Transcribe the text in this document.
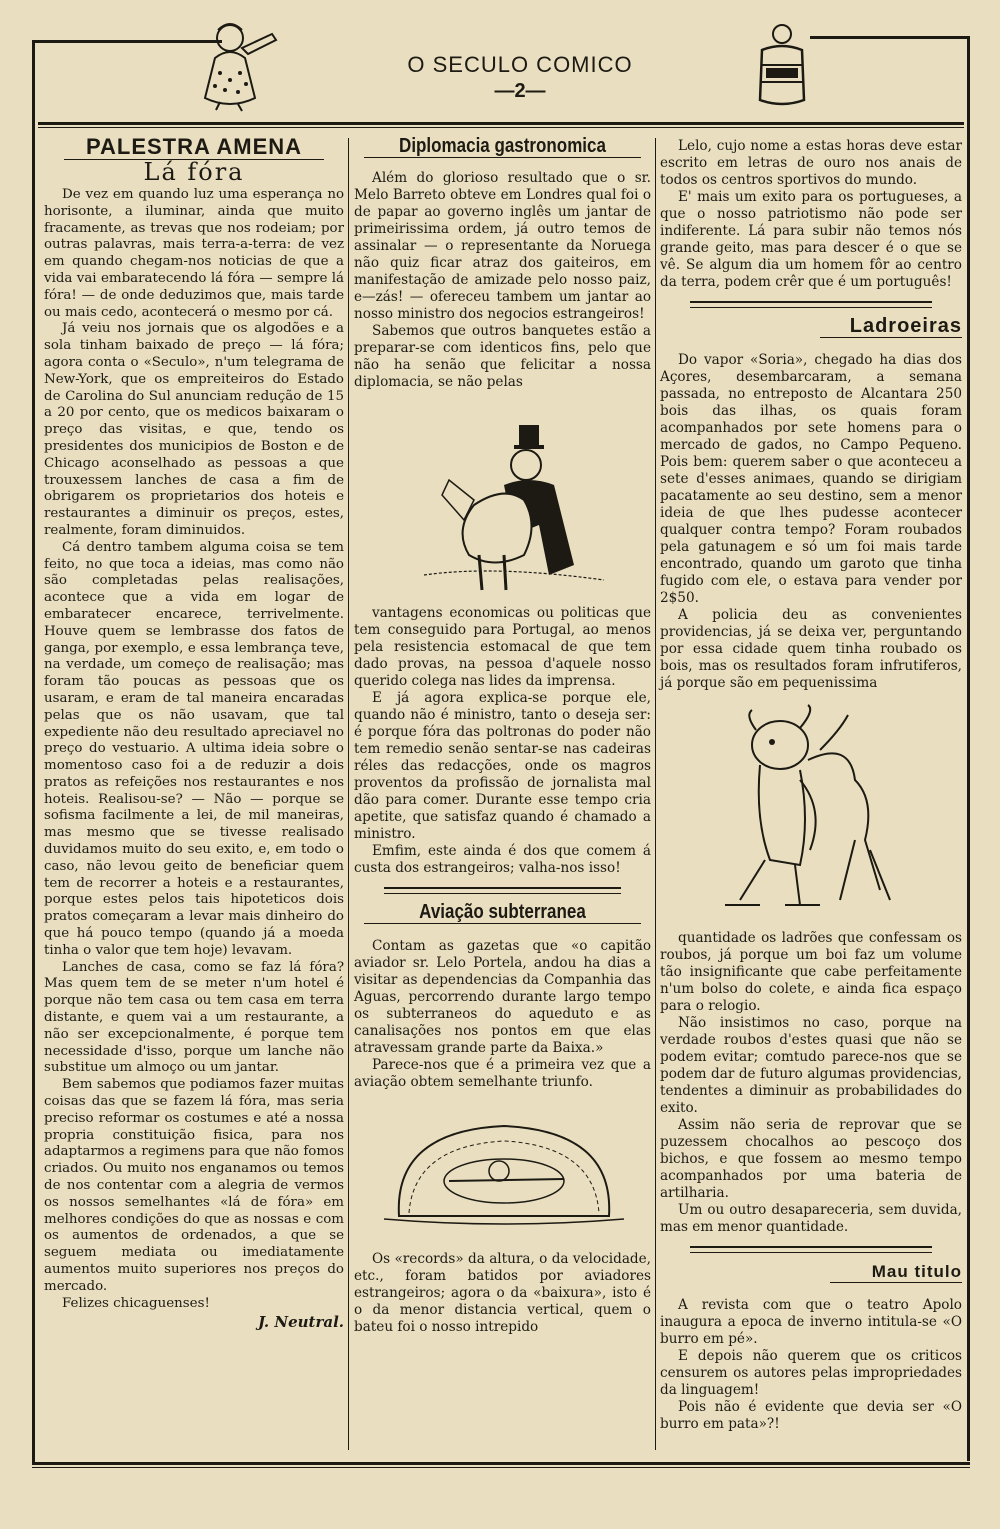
O SECULO COMICO
—2—
PALESTRA AMENA
Lá fóra

De vez em quando luz uma esperança no horisonte, a iluminar, ainda que muito fracamente, as trevas que nos rodeiam; por outras palavras, mais terra-a-terra: de vez em quando chegam-nos noticias de que a vida vai embaratecendo lá fóra — sempre lá fóra! — de onde deduzimos que, mais tarde ou mais cedo, acontecerá o mesmo por cá.

Já veiu nos jornais que os algodões e a sola tinham baixado de preço — lá fóra; agora conta o «Seculo», n'um telegrama de New-York, que os empreiteiros do Estado de Carolina do Sul anunciam redução de 15 a 20 por cento, que os medicos baixaram o preço das visitas, e que, tendo os presidentes dos municipios de Boston e de Chicago aconselhado as pessoas a que trouxessem lanches de casa a fim de obrigarem os proprietarios dos hoteis e restaurantes a diminuir os preços, estes, realmente, foram diminuidos.

Cá dentro tambem alguma coisa se tem feito, no que toca a ideias, mas como não são completadas pelas realisações, acontece que a vida em logar de embaratecer encarece, terrivelmente. Houve quem se lembrasse dos fatos de ganga, por exemplo, e essa lembrança teve, na verdade, um começo de realisação; mas foram tão poucas as pessoas que os usaram, e eram de tal maneira encaradas pelas que os não usavam, que tal expediente não deu resultado apreciavel no preço do vestuario. A ultima ideia sobre o momentoso caso foi a de reduzir a dois pratos as refeições nos restaurantes e nos hoteis. Realisou-se? — Não — porque se sofisma facilmente a lei, de mil maneiras, mas mesmo que se tivesse realisado duvidamos muito do seu exito, e, em todo o caso, não levou geito de beneficiar quem tem de recorrer a hoteis e a restaurantes, porque estes pelos tais hipoteticos dois pratos começaram a levar mais dinheiro do que há pouco tempo (quando já a moeda tinha o valor que tem hoje) levavam.

Lanches de casa, como se faz lá fóra? Mas quem tem de se meter n'um hotel é porque não tem casa ou tem casa em terra distante, e quem vai a um restaurante, a não ser excepcionalmente, é porque tem necessidade d'isso, porque um lanche não substitue um almoço ou um jantar.

Bem sabemos que podiamos fazer muitas coisas das que se fazem lá fóra, mas seria preciso reformar os costumes e até a nossa propria constituição fisica, para nos adaptarmos a regimens para que não fomos criados. Ou muito nos enganamos ou temos de nos contentar com a alegria de vermos os nossos semelhantes «lá de fóra» em melhores condições do que as nossas e com os aumentos de ordenados, a que se seguem mediata ou imediatamente aumentos muito superiores nos preços do mercado.

Felizes chicaguenses!

J. Neutral.
Diplomacia gastronomica

Além do glorioso resultado que o sr. Melo Barreto obteve em Londres qual foi o de papar ao governo inglês um jantar de primeirissima ordem, já outro temos de assinalar — o representante da Noruega não quiz ficar atraz dos gaiteiros, em manifestação de amizade pelo nosso paiz, e—zás! — ofereceu tambem um jantar ao nosso ministro dos negocios estrangeiros!

Sabemos que outros banquetes estão a preparar-se com identicos fins, pelo que não ha senão que felicitar a nossa diplomacia, se não pelas

vantagens economicas ou politicas que tem conseguido para Portugal, ao menos pela resistencia estomacal de que tem dado provas, na pessoa d'aquele nosso querido colega nas lides da imprensa.

E já agora explica-se porque ele, quando não é ministro, tanto o deseja ser: é porque fóra das poltronas do poder não tem remedio senão sentar-se nas cadeiras réles das redacções, onde os magros proventos da profissão de jornalista mal dão para comer. Durante esse tempo cria apetite, que satisfaz quando é chamado a ministro.

Emfim, este ainda é dos que comem á custa dos estrangeiros; valha-nos isso!

Aviação subterranea

Contam as gazetas que «o capitão aviador sr. Lelo Portela, andou ha dias a visitar as dependencias da Companhia das Aguas, percorrendo durante largo tempo os subterraneos do aqueduto e as canalisações nos pontos em que elas atravessam grande parte da Baixa.»

Parece-nos que é a primeira vez que a aviação obtem semelhante triunfo.

Os «records» da altura, o da velocidade, etc., foram batidos por aviadores estrangeiros; agora o da «baixura», isto é o da menor distancia vertical, quem o bateu foi o nosso intrepido

Lelo, cujo nome a estas horas deve estar escrito em letras de ouro nos anais de todos os centros sportivos do mundo.

E' mais um exito para os portugueses, a que o nosso patriotismo não pode ser indiferente. Lá para subir não temos nós grande geito, mas para descer é o que se vê. Se algum dia um homem fôr ao centro da terra, podem crêr que é um português!

Ladroeiras

Do vapor «Soria», chegado ha dias dos Açores, desembarcaram, a semana passada, no entreposto de Alcantara 250 bois das ilhas, os quais foram acompanhados por sete homens para o mercado de gados, no Campo Pequeno. Pois bem: querem saber o que aconteceu a sete d'esses animaes, quando se dirigiam pacatamente ao seu destino, sem a menor ideia de que lhes pudesse acontecer qualquer contra tempo? Foram roubados pela gatunagem e só um foi mais tarde encontrado, quando um garoto que tinha fugido com ele, o estava para vender por 2$50.

A policia deu as convenientes providencias, já se deixa ver, perguntando por essa cidade quem tinha roubado os bois, mas os resultados foram infrutiferos, já porque são em pequenissima

quantidade os ladrões que confessam os roubos, já porque um boi faz um volume tão insignificante que cabe perfeitamente n'um bolso do colete, e ainda fica espaço para o relogio.

Não insistimos no caso, porque na verdade roubos d'estes quasi que não se podem evitar; comtudo parece-nos que se podem dar de futuro algumas providencias, tendentes a diminuir as probabilidades do exito.

Assim não seria de reprovar que se puzessem chocalhos ao pescoço dos bichos, e que fossem ao mesmo tempo acompanhados por uma bateria de artilharia.

Um ou outro desapareceria, sem duvida, mas em menor quantidade.

Mau titulo

A revista com que o teatro Apolo inaugura a epoca de inverno intitula-se «O burro em pé».

E depois não querem que os criticos censurem os autores pelas impropriedades da linguagem!

Pois não é evidente que devia ser «O burro em pata»?!
